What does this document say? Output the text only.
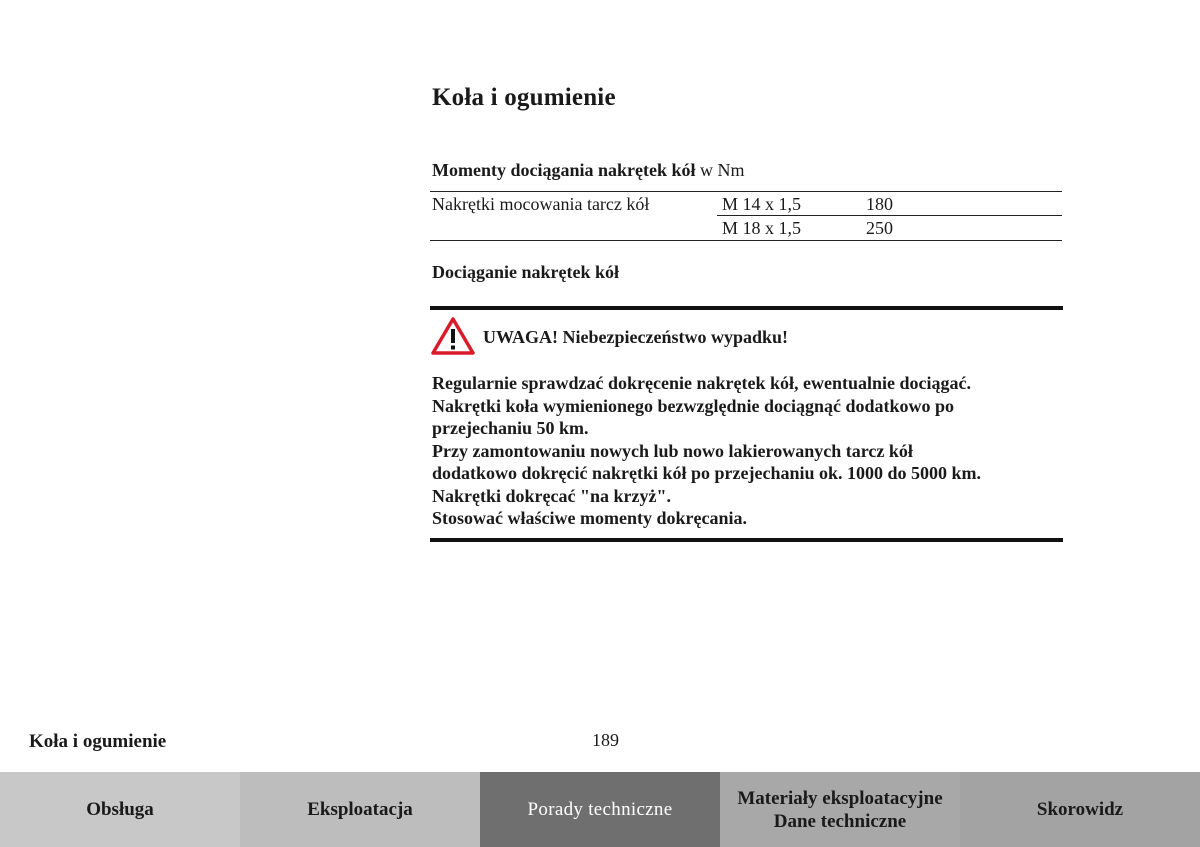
Koła i ogumienie
Momenty dociągania nakrętek kół w Nm
Nakrętki mocowania tarcz kół	M 14 x 1,5	180
M 18 x 1,5	250
Dociąganie nakrętek kół
UWAGA! Niebezpieczeństwo wypadku!
Regularnie sprawdzać dokręcenie nakrętek kół, ewentualnie dociągać.
Nakrętki koła wymienionego bezwzględnie dociągnąć dodatkowo po
przejechaniu 50 km.
Przy zamontowaniu nowych lub nowo lakierowanych tarcz kół
dodatkowo dokręcić nakrętki kół po przejechaniu ok. 1000 do 5000 km.
Nakrętki dokręcać "na krzyż".
Stosować właściwe momenty dokręcania.
Koła i ogumienie	189
Obsługa	Eksploatacja	Porady techniczne
Materiały eksploatacyjne
Dane techniczne
Skorowidz
